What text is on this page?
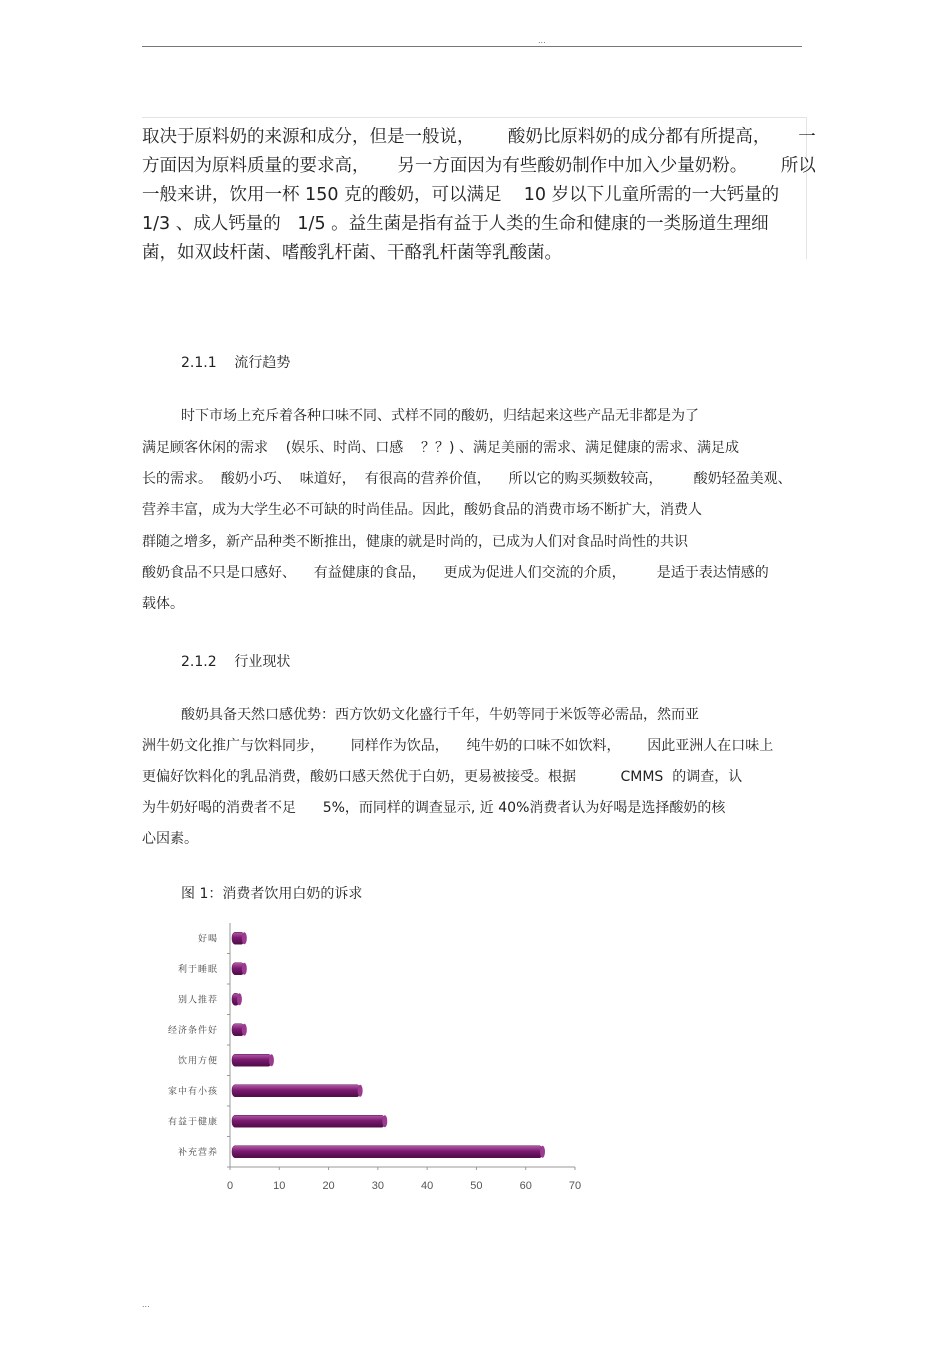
...
取决于原料奶的来源和成分，但是一般说，      酸奶比原料奶的成分都有所提高，     一
方面因为原料质量的要求高，     另一方面因为有些酸奶制作中加入少量奶粉。      所以
一般来讲，饮用一杯 150 克的酸奶，可以满足    10 岁以下儿童所需的一大钙量的
1/3 、成人钙量的   1/5 。益生菌是指有益于人类的生命和健康的一类肠道生理细
菌，如双歧杆菌、嗜酸乳杆菌、干酪乳杆菌等乳酸菌。
2.1.1    流行趋势
时下市场上充斥着各种口味不同、式样不同的酸奶，归结起来这些产品无非都是为了
满足顾客休闲的需求    (娱乐、时尚、口感    ？？) 、满足美丽的需求、满足健康的需求、满足成
长的需求。  酸奶小巧、  味道好，  有很高的营养价值，    所以它的购买频数较高，       酸奶轻盈美观、
营养丰富，成为大学生必不可缺的时尚佳品。因此，酸奶食品的消费市场不断扩大，消费人
群随之增多，新产品种类不断推出，健康的就是时尚的，已成为人们对食品时尚性的共识
酸奶食品不只是口感好、    有益健康的食品，    更成为促进人们交流的介质，       是适于表达情感的
载体。
2.1.2    行业现状
酸奶具备天然口感优势：西方饮奶文化盛行千年，牛奶等同于米饭等必需品，然而亚
洲牛奶文化推广与饮料同步，      同样作为饮品，    纯牛奶的口味不如饮料，      因此亚洲人在口味上
更偏好饮料化的乳品消费，酸奶口感天然优于白奶，更易被接受。根据          CMMS  的调查，认
为牛奶好喝的消费者不足      5%，而同样的调查显示, 近 40%消费者认为好喝是选择酸奶的核
心因素。
图 1：消费者饮用白奶的诉求
好喝
利于睡眠
别人推荐
经济条件好
饮用方便
家中有小孩
有益于健康
补充营养
0	10	20	30	40	50	60	70
...
